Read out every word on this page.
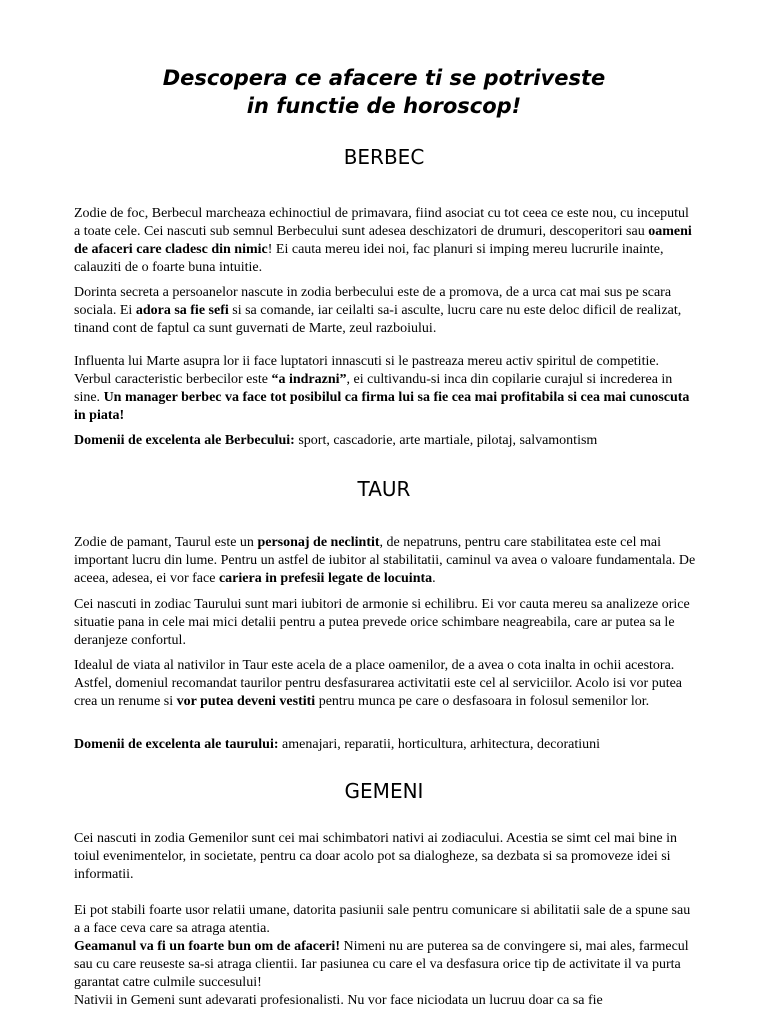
Descopera ce afacere ti se potriveste
in functie de horoscop!
BERBEC

Zodie de foc, Berbecul marcheaza echinoctiul de primavara, fiind asociat cu tot ceea ce este nou, cu inceputul a toate cele. Cei nascuti sub semnul Berbecului sunt adesea deschizatori de drumuri, descoperitori sau oameni de afaceri care cladesc din nimic! Ei cauta mereu idei noi, fac planuri si imping mereu lucrurile inainte, calauziti de o foarte buna intuitie.

Dorinta secreta a persoanelor nascute in zodia berbecului este de a promova, de a urca cat mai sus pe scara sociala. Ei adora sa fie sefi si sa comande, iar ceilalti sa-i asculte, lucru care nu este deloc dificil de realizat, tinand cont de faptul ca sunt guvernati de Marte, zeul razboiului.

Influenta lui Marte asupra lor ii face luptatori innascuti si le pastreaza mereu activ spiritul de competitie. Verbul caracteristic berbecilor este “a indrazni”, ei cultivandu-si inca din copilarie curajul si increderea in sine. Un manager berbec va face tot posibilul ca firma lui sa fie cea mai profitabila si cea mai cunoscuta in piata!

Domenii de excelenta ale Berbecului: sport, cascadorie, arte martiale, pilotaj, salvamontism

TAUR

Zodie de pamant, Taurul este un personaj de neclintit, de nepatruns, pentru care stabilitatea este cel mai important lucru din lume. Pentru un astfel de iubitor al stabilitatii, caminul va avea o valoare fundamentala. De aceea, adesea, ei vor face cariera in prefesii legate de locuinta.

Cei nascuti in zodiac Taurului sunt mari iubitori de armonie si echilibru. Ei vor cauta mereu sa analizeze orice situatie pana in cele mai mici detalii pentru a putea prevede orice schimbare neagreabila, care ar putea sa le deranjeze confortul.

Idealul de viata al nativilor in Taur este acela de a place oamenilor, de a avea o cota inalta in ochii acestora. Astfel, domeniul recomandat taurilor pentru desfasurarea activitatii este cel al serviciilor. Acolo isi vor putea crea un renume si vor putea deveni vestiti pentru munca pe care o desfasoara in folosul semenilor lor.

Domenii de excelenta ale taurului: amenajari, reparatii, horticultura, arhitectura, decoratiuni

GEMENI

Cei nascuti in zodia Gemenilor sunt cei mai schimbatori nativi ai zodiacului. Acestia se simt cel mai bine in toiul evenimentelor, in societate, pentru ca doar acolo pot sa dialogheze, sa dezbata si sa promoveze idei si informatii.

Ei pot stabili foarte usor relatii umane, datorita pasiunii sale pentru comunicare si abilitatii sale de a spune sau a a face ceva care sa atraga atentia.
Geamanul va fi un foarte bun om de afaceri! Nimeni nu are puterea sa de convingere si, mai ales, farmecul sau cu care reuseste sa-si atraga clientii. Iar pasiunea cu care el va desfasura orice tip de activitate il va purta garantat catre culmile succesului!
Nativii in Gemeni sunt adevarati profesionalisti. Nu vor face niciodata un lucruu doar ca sa fie
